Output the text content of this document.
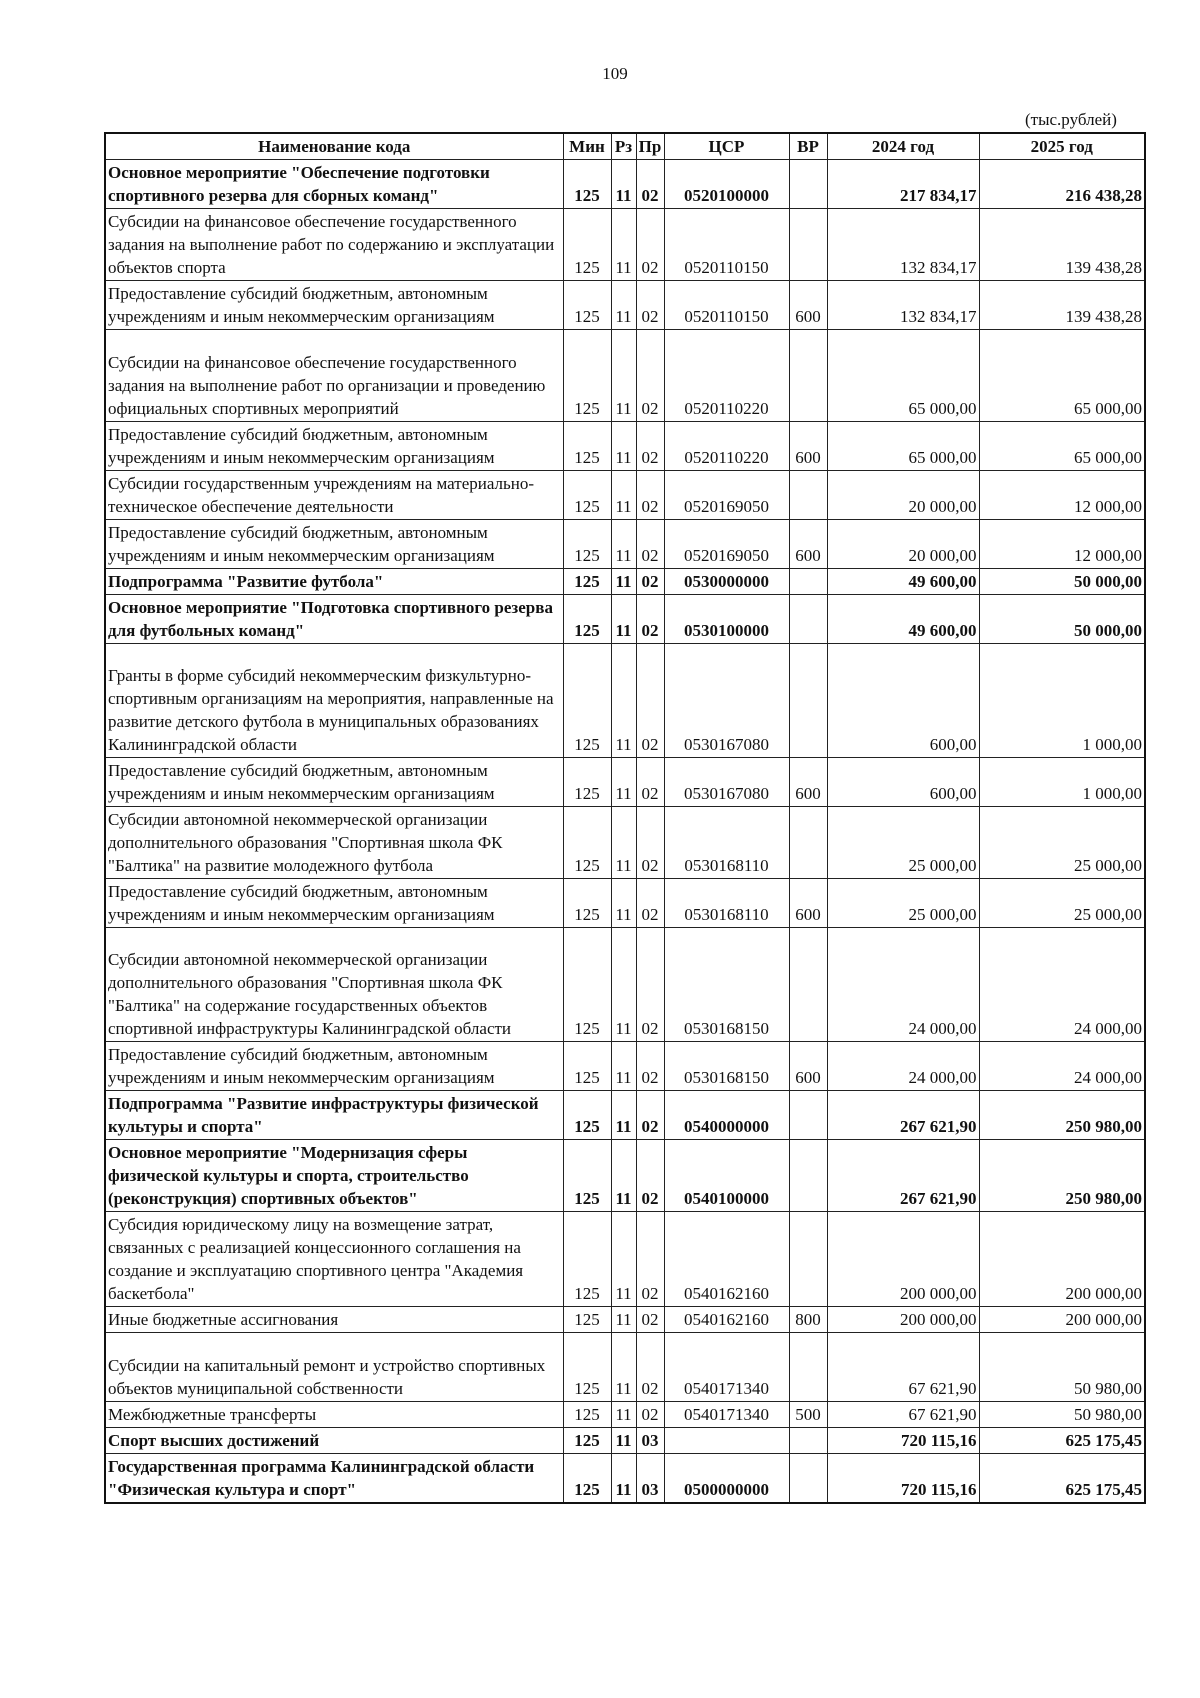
109
(тыс.рублей)
Наименование кода	Мин	Рз	Пр	ЦСР	ВР	2024 год	2025 год
Основное мероприятие "Обеспечение подготовки спортивного резерва для сборных команд"	125	11	02	0520100000		217 834,17	216 438,28
Субсидии на финансовое обеспечение государственного задания на выполнение работ по содержанию и эксплуатации объектов спорта	125	11	02	0520110150		132 834,17	139 438,28
Предоставление субсидий бюджетным, автономным учреждениям и иным некоммерческим организациям	125	11	02	0520110150	600	132 834,17	139 438,28
Субсидии на финансовое обеспечение государственного задания на выполнение работ по организации и проведению официальных спортивных мероприятий	125	11	02	0520110220		65 000,00	65 000,00
Предоставление субсидий бюджетным, автономным учреждениям и иным некоммерческим организациям	125	11	02	0520110220	600	65 000,00	65 000,00
Субсидии государственным учреждениям на материально-техническое обеспечение деятельности	125	11	02	0520169050		20 000,00	12 000,00
Предоставление субсидий бюджетным, автономным учреждениям и иным некоммерческим организациям	125	11	02	0520169050	600	20 000,00	12 000,00
Подпрограмма "Развитие футбола"	125	11	02	0530000000		49 600,00	50 000,00
Основное мероприятие "Подготовка спортивного резерва для футбольных команд"	125	11	02	0530100000		49 600,00	50 000,00
Гранты в форме субсидий некоммерческим физкультурно-спортивным организациям на мероприятия, направленные на развитие детского футбола в муниципальных образованиях Калининградской области	125	11	02	0530167080		600,00	1 000,00
Предоставление субсидий бюджетным, автономным учреждениям и иным некоммерческим организациям	125	11	02	0530167080	600	600,00	1 000,00
Субсидии автономной некоммерческой организации дополнительного образования "Спортивная школа ФК "Балтика" на развитие молодежного футбола	125	11	02	0530168110		25 000,00	25 000,00
Предоставление субсидий бюджетным, автономным учреждениям и иным некоммерческим организациям	125	11	02	0530168110	600	25 000,00	25 000,00
Субсидии автономной некоммерческой организации дополнительного образования "Спортивная школа ФК "Балтика" на содержание государственных объектов спортивной инфраструктуры Калининградской области	125	11	02	0530168150		24 000,00	24 000,00
Предоставление субсидий бюджетным, автономным учреждениям и иным некоммерческим организациям	125	11	02	0530168150	600	24 000,00	24 000,00
Подпрограмма "Развитие инфраструктуры физической культуры и спорта"	125	11	02	0540000000		267 621,90	250 980,00
Основное мероприятие "Модернизация сферы физической культуры и спорта, строительство (реконструкция) спортивных объектов"	125	11	02	0540100000		267 621,90	250 980,00
Субсидия юридическому лицу на возмещение затрат, связанных с реализацией концессионного соглашения на создание и эксплуатацию спортивного центра "Академия баскетбола"	125	11	02	0540162160		200 000,00	200 000,00
Иные бюджетные ассигнования	125	11	02	0540162160	800	200 000,00	200 000,00
Субсидии на капитальный ремонт и устройство спортивных объектов муниципальной собственности	125	11	02	0540171340		67 621,90	50 980,00
Межбюджетные трансферты	125	11	02	0540171340	500	67 621,90	50 980,00
Спорт высших достижений	125	11	03			720 115,16	625 175,45
Государственная программа Калининградской области "Физическая культура и спорт"	125	11	03	0500000000		720 115,16	625 175,45
